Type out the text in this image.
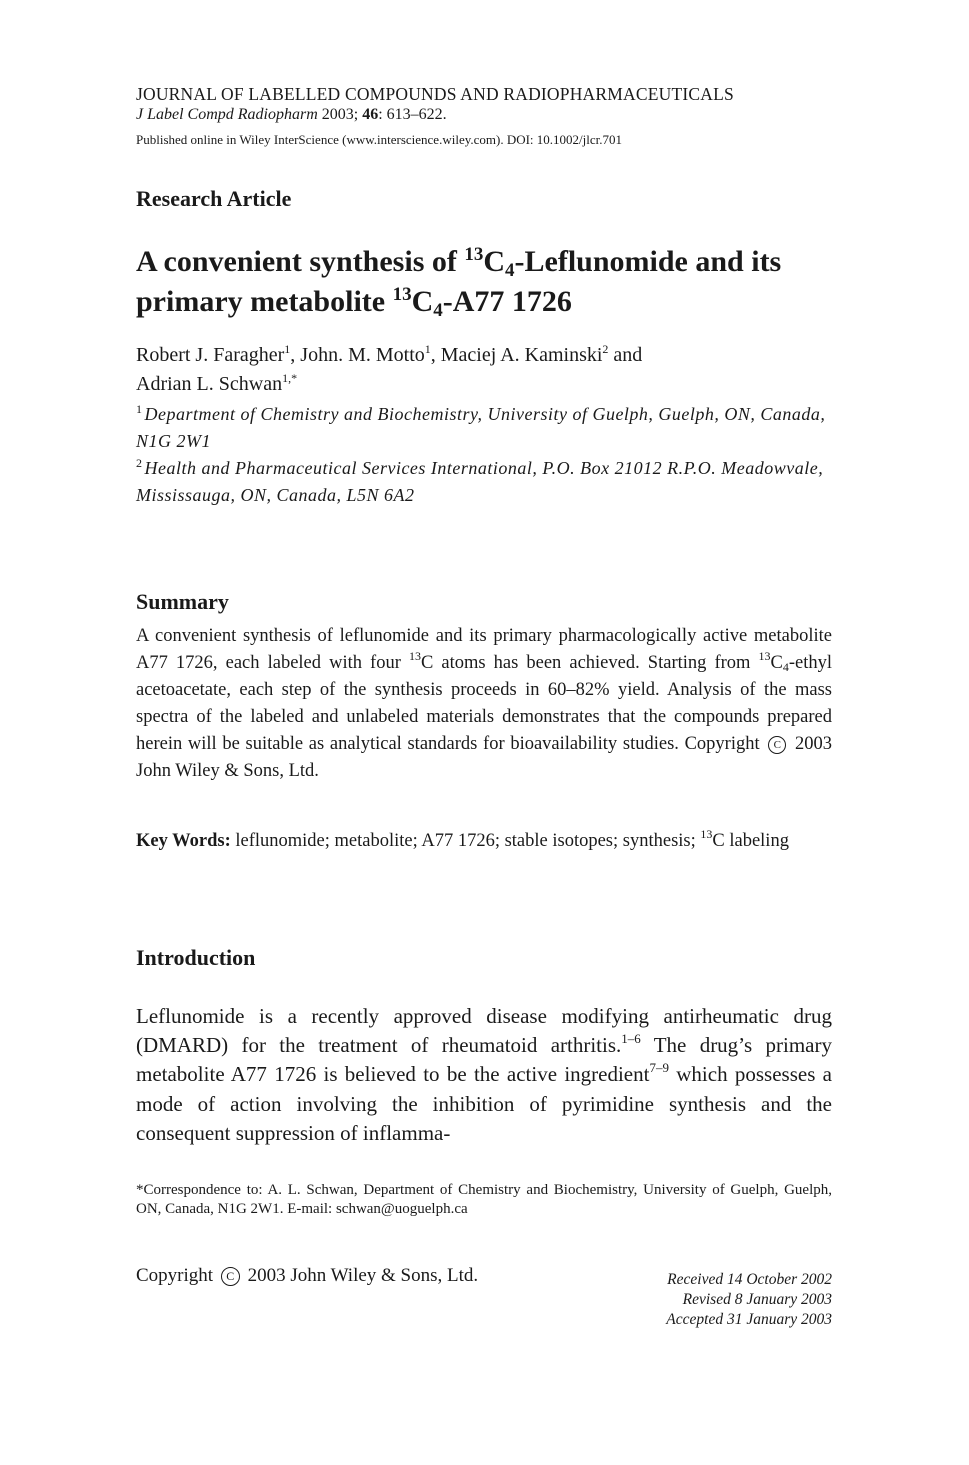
JOURNAL OF LABELLED COMPOUNDS AND RADIOPHARMACEUTICALS
J Label Compd Radiopharm 2003; 46: 613–622.
Published online in Wiley InterScience (www.interscience.wiley.com). DOI: 10.1002/jlcr.701
Research Article
A convenient synthesis of $^{13}C_4$-Leflunomide and its primary metabolite $^{13}C_4-A77$ 1726
Robert J. Faragher$^1$, John. M. Motto$^1$, Maciej A. Kaminski$^2$ and
Adrian L. Schwan$^{1,*}$
$^1$ Department of Chemistry and Biochemistry, University of Guelph, Guelph, ON, Canada, N1G 2W1
$^2$ Health and Pharmaceutical Services International, P.O. Box 21012 R.P.O. Meadowvale, Mississauga, ON, Canada, L5N 6A2
Summary
A convenient synthesis of leflunomide and its primary pharmacologically active metabolite A77 1726, each labeled with four $^{13}$C atoms has been achieved. Starting from $^{13}C_4$-ethyl acetoacetate, each step of the synthesis proceeds in 60–82% yield. Analysis of the mass spectra of the labeled and unlabeled materials demonstrates that the compounds prepared herein will be suitable as analytical standards for bioavailability studies. Copyright C 2003 John Wiley & Sons, Ltd.
Key Words: leflunomide; metabolite; A77 1726; stable isotopes; synthesis; $^{13}$C labeling
Introduction
Leflunomide is a recently approved disease modifying antirheumatic drug (DMARD) for the treatment of rheumatoid arthritis.$^{1-6}$ The drug’s primary metabolite A77 1726 is believed to be the active ingredient$^{7-9}$ which possesses a mode of action involving the inhibition of pyrimidine synthesis and the consequent suppression of inflamma-
*Correspondence to: A. L. Schwan, Department of Chemistry and Biochemistry, University of Guelph, Guelph, ON, Canada, N1G 2W1. E-mail: schwan@uoguelph.ca
Copyright C 2003 John Wiley & Sons, Ltd.	Received 14 October 2002
Revised 8 January 2003
Accepted 31 January 2003
